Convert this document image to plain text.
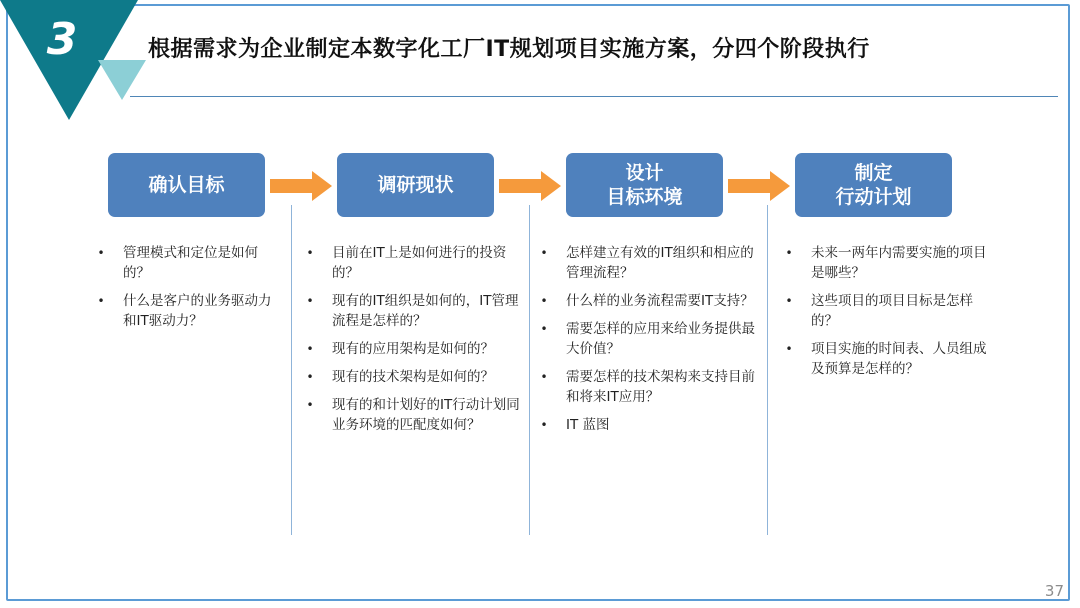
3	根据需求为企业制定本数字化工厂IT规划项目实施方案，分四个阶段执行
确认目标	调研现状
设计
目标环境
制定
行动计划
• 管理模式和定位是如何的？
• 什么是客户的业务驱动力和IT驱动力？
• 目前在IT上是如何进行的投资的？
• 现有的IT组织是如何的，IT管理流程是怎样的？
• 现有的应用架构是如何的？
• 现有的技术架构是如何的？
• 现有的和计划好的IT行动计划同业务环境的匹配度如何？
• 怎样建立有效的IT组织和相应的管理流程？
• 什么样的业务流程需要IT支持？
• 需要怎样的应用来给业务提供最大价值？
• 需要怎样的技术架构来支持目前和将来IT应用？
• IT 蓝图
• 未来一两年内需要实施的项目是哪些？
• 这些项目的项目目标是怎样的？
• 项目实施的时间表、人员组成及预算是怎样的？
37
